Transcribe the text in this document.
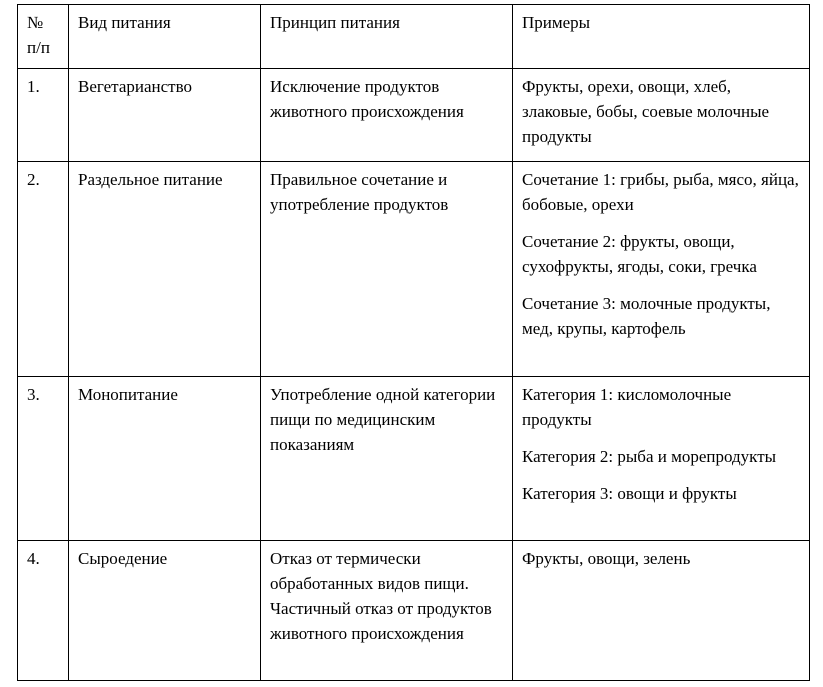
№
п/п	Вид питания	Принцип питания	Примеры
1.	Вегетарианство	Исключение продуктов животного происхождения	Фрукты, орехи, овощи, хлеб, злаковые, бобы, соевые молочные продукты

2.	Раздельное питание	Правильное сочетание и употребление продуктов	Сочетание 1: грибы, рыба, мясо, яйца, бобовые, орехи
Сочетание 2: фрукты, овощи, сухофрукты, ягоды, соки, гречка
Сочетание 3: молочные продукты, мед, крупы, картофель

3.	Монопитание	Употребление одной категории пищи по медицинским показаниям	Категория 1: кисломолочные продукты
Категория 2: рыба и морепродукты
Категория 3: овощи и фрукты

4.	Сыроедение	Отказ от термически обработанных видов пищи. Частичный отказ от продуктов животного происхождения	Фрукты, овощи, зелень
